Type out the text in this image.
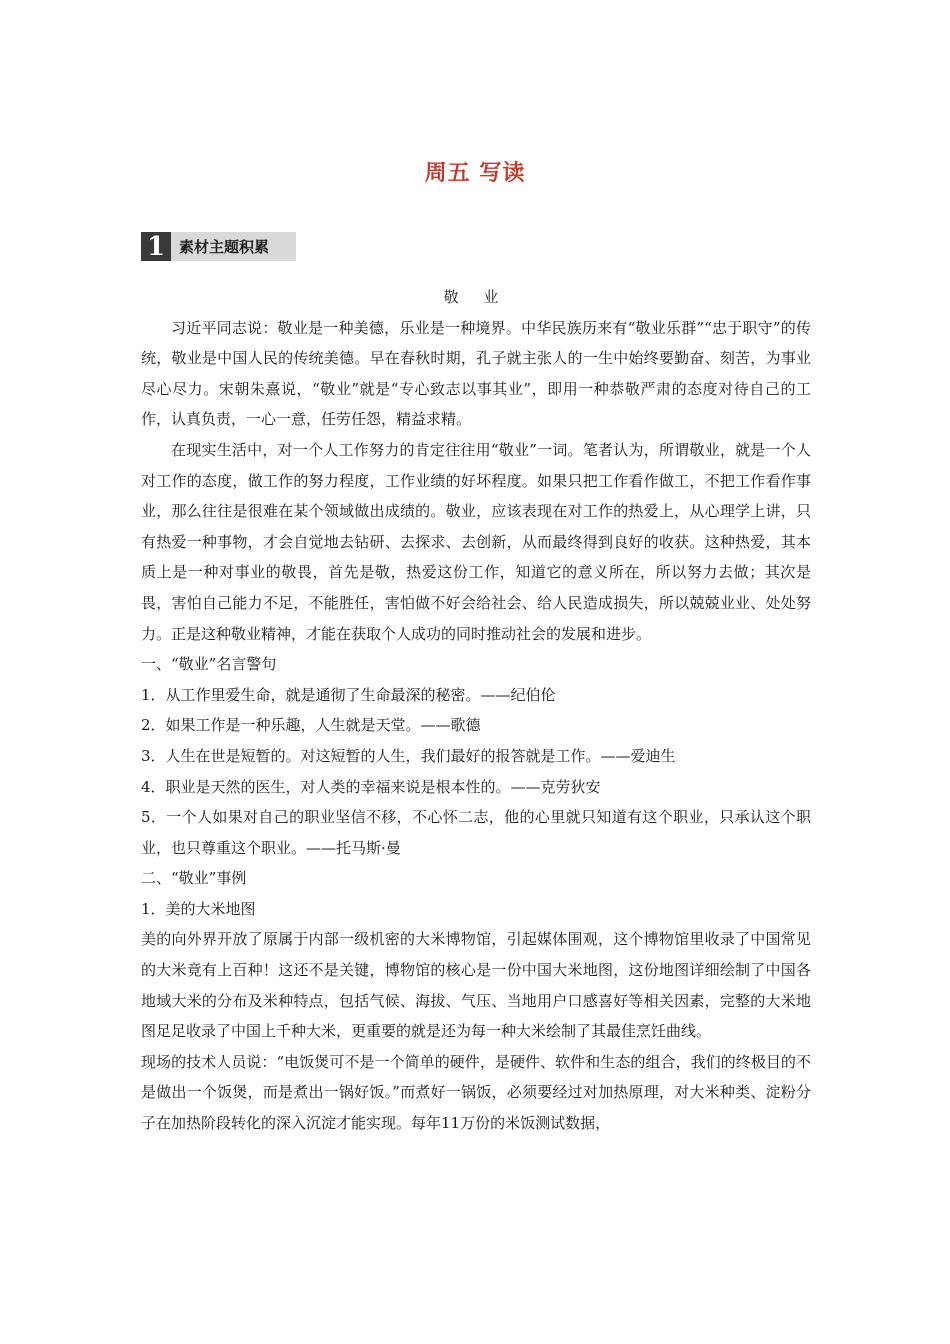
周五 写读
1 素材主题积累

敬 业

习近平同志说：敬业是一种美德，乐业是一种境界。中华民族历来有“敬业乐群”“忠于职守”的传统，敬业是中国人民的传统美德。早在春秋时期，孔子就主张人的一生中始终要勤奋、刻苦，为事业尽心尽力。宋朝朱熹说，“敬业”就是“专心致志以事其业”，即用一种恭敬严肃的态度对待自己的工作，认真负责，一心一意，任劳任怨，精益求精。

在现实生活中，对一个人工作努力的肯定往往用“敬业”一词。笔者认为，所谓敬业，就是一个人对工作的态度，做工作的努力程度，工作业绩的好坏程度。如果只把工作看作做工，不把工作看作事业，那么往往是很难在某个领域做出成绩的。敬业，应该表现在对工作的热爱上，从心理学上讲，只有热爱一种事物，才会自觉地去钻研、去探求、去创新，从而最终得到良好的收获。这种热爱，其本质上是一种对事业的敬畏，首先是敬，热爱这份工作，知道它的意义所在，所以努力去做；其次是畏，害怕自己能力不足，不能胜任，害怕做不好会给社会、给人民造成损失，所以兢兢业业、处处努力。正是这种敬业精神，才能在获取个人成功的同时推动社会的发展和进步。

一、“敬业”名言警句

1．从工作里爱生命，就是通彻了生命最深的秘密。——纪伯伦

2．如果工作是一种乐趣，人生就是天堂。——歌德

3．人生在世是短暂的。对这短暂的人生，我们最好的报答就是工作。——爱迪生

4．职业是天然的医生，对人类的幸福来说是根本性的。——克劳狄安

5．一个人如果对自己的职业坚信不移，不心怀二志，他的心里就只知道有这个职业，只承认这个职业，也只尊重这个职业。——托马斯·曼

二、“敬业”事例

1．美的大米地图

美的向外界开放了原属于内部一级机密的大米博物馆，引起媒体围观，这个博物馆里收录了中国常见的大米竟有上百种！这还不是关键，博物馆的核心是一份中国大米地图，这份地图详细绘制了中国各地域大米的分布及米种特点，包括气候、海拔、气压、当地用户口感喜好等相关因素，完整的大米地图足足收录了中国上千种大米，更重要的就是还为每一种大米绘制了其最佳烹饪曲线。

现场的技术人员说：“电饭煲可不是一个简单的硬件，是硬件、软件和生态的组合，我们的终极目的不是做出一个饭煲，而是煮出一锅好饭。”而煮好一锅饭，必须要经过对加热原理，对大米种类、淀粉分子在加热阶段转化的深入沉淀才能实现。每年11万份的米饭测试数据，
